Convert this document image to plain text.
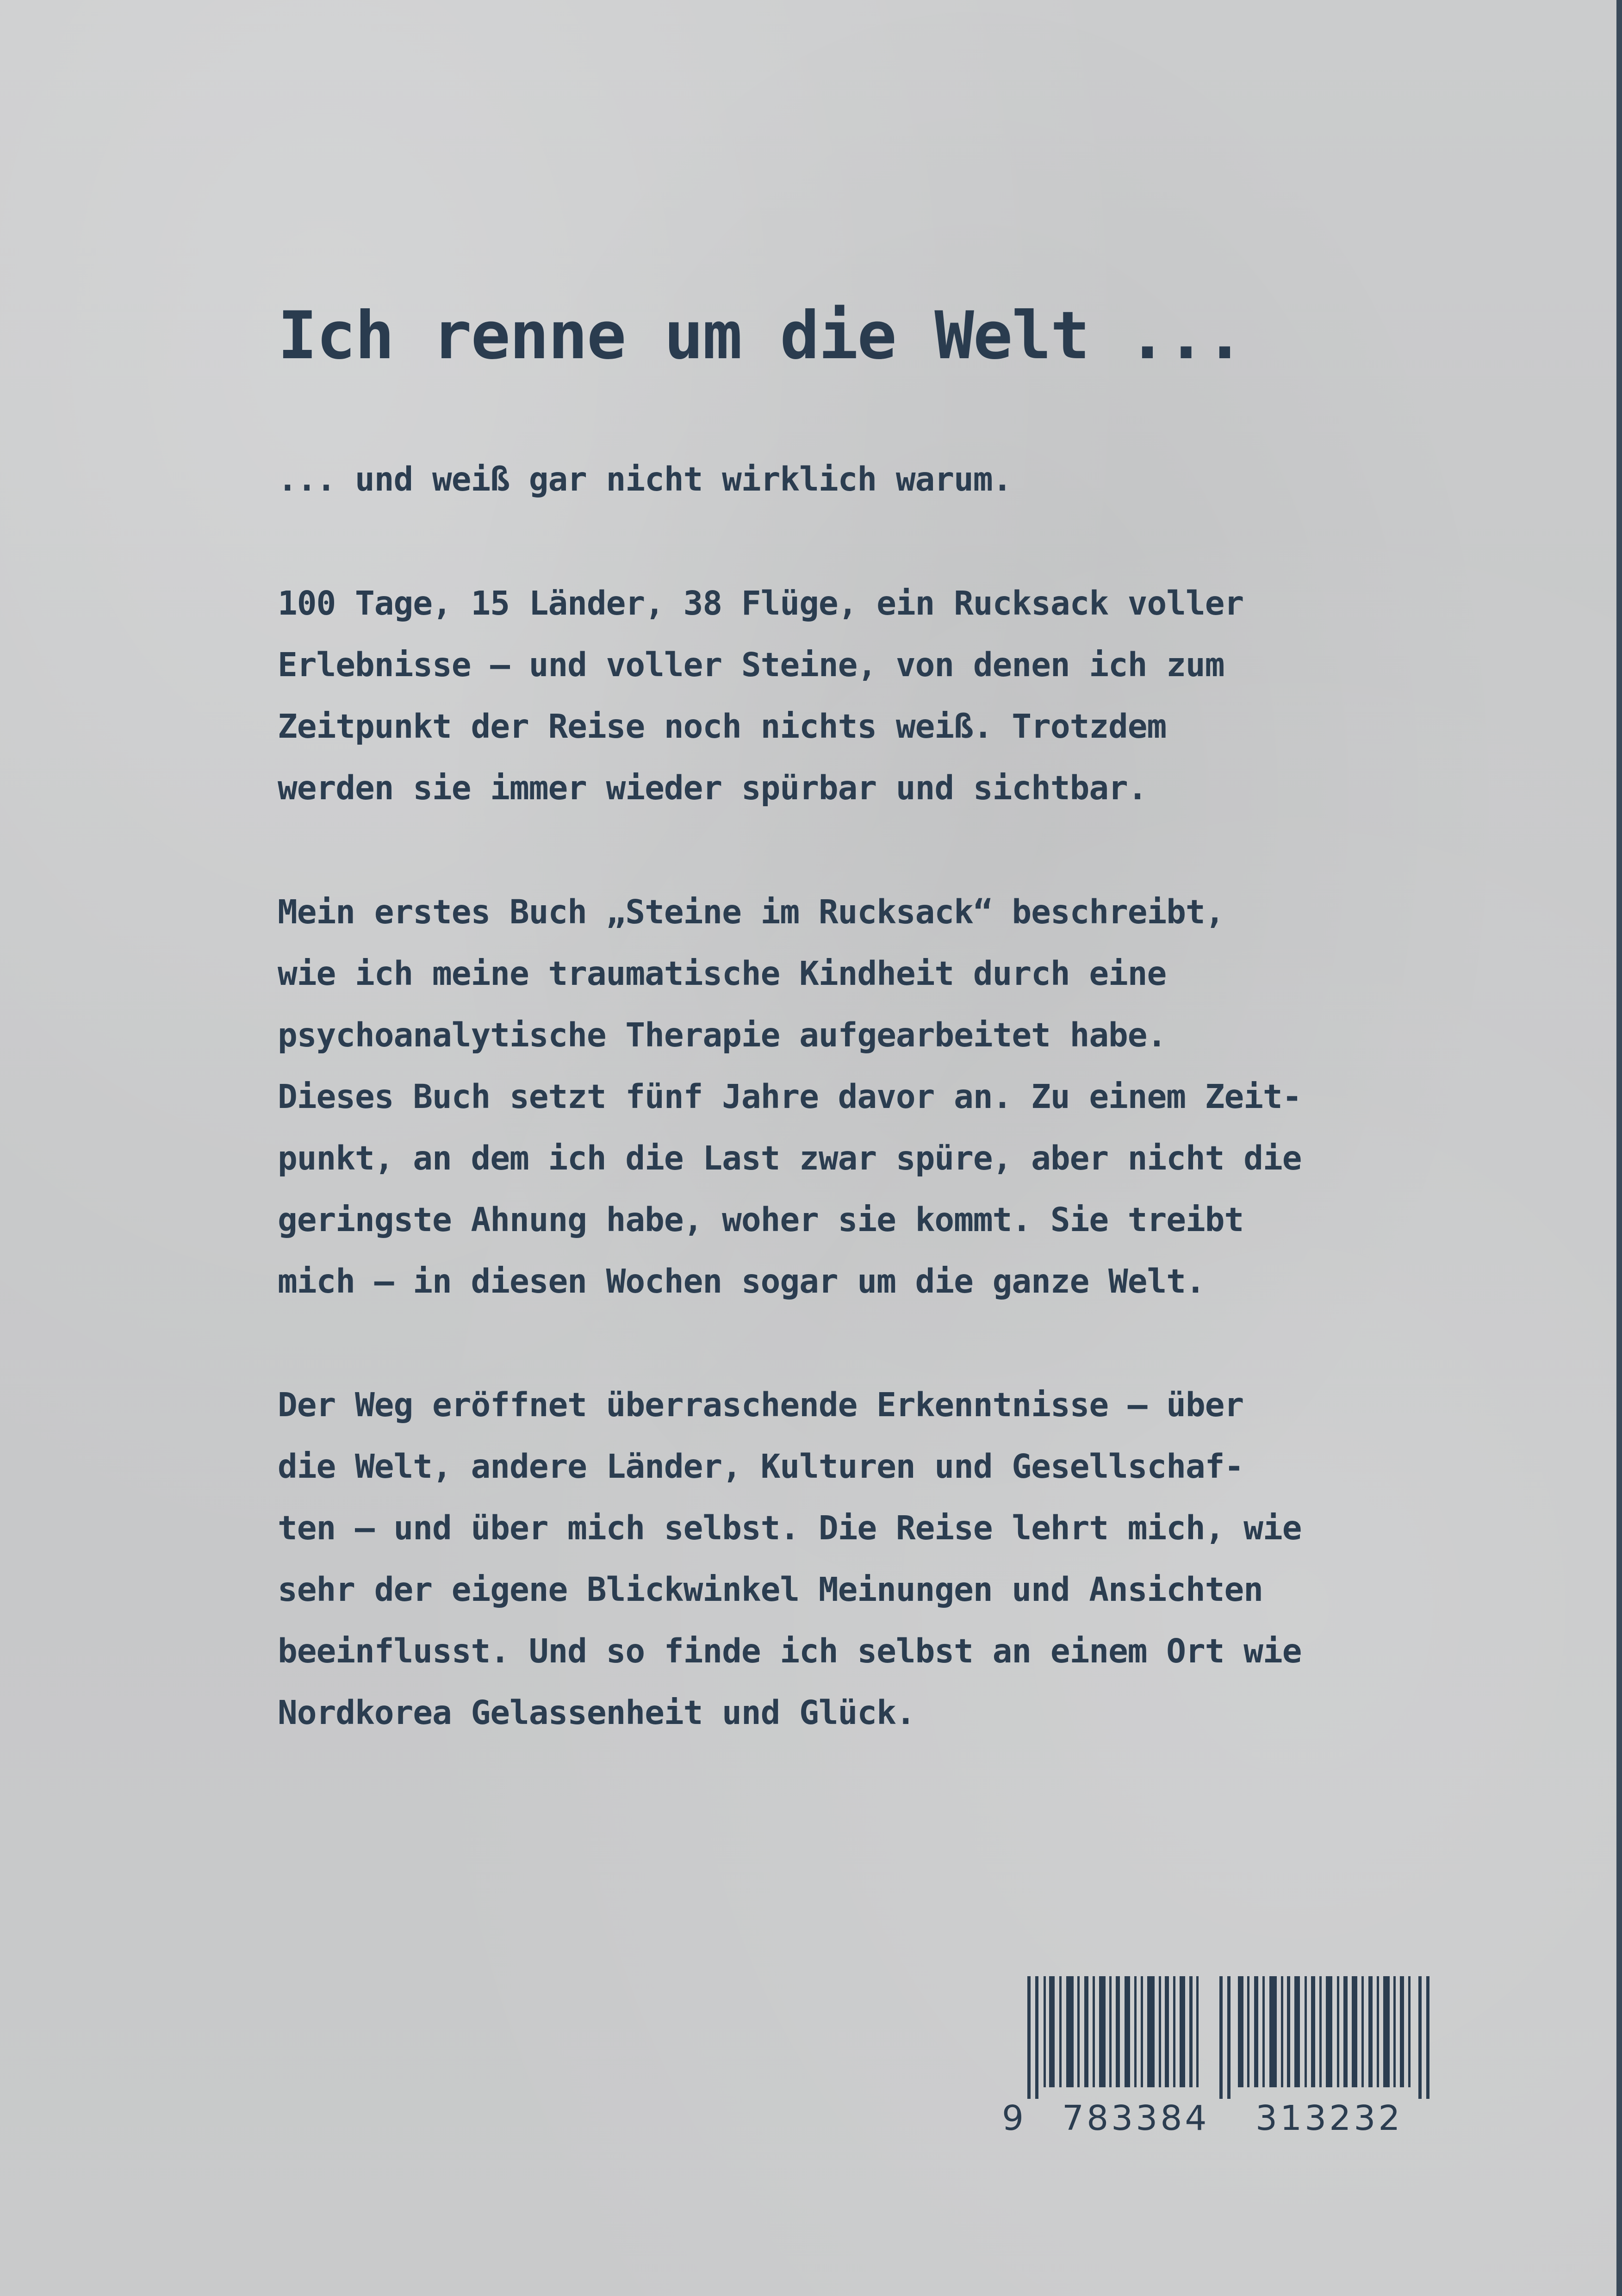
Ich renne um die Welt ...

... und weiß gar nicht wirklich warum.

100 Tage, 15 Länder, 38 Flüge, ein Rucksack voller
Erlebnisse – und voller Steine, von denen ich zum
Zeitpunkt der Reise noch nichts weiß. Trotzdem
werden sie immer wieder spürbar und sichtbar.

Mein erstes Buch „Steine im Rucksack“ beschreibt,
wie ich meine traumatische Kindheit durch eine
psychoanalytische Therapie aufgearbeitet habe.
Dieses Buch setzt fünf Jahre davor an. Zu einem Zeit-
punkt, an dem ich die Last zwar spüre, aber nicht die
geringste Ahnung habe, woher sie kommt. Sie treibt
mich – in diesen Wochen sogar um die ganze Welt.

Der Weg eröffnet überraschende Erkenntnisse – über
die Welt, andere Länder, Kulturen und Gesellschaf-
ten – und über mich selbst. Die Reise lehrt mich, wie
sehr der eigene Blickwinkel Meinungen und Ansichten
beeinflusst. Und so finde ich selbst an einem Ort wie
Nordkorea Gelassenheit und Glück.

9 783384 313232
